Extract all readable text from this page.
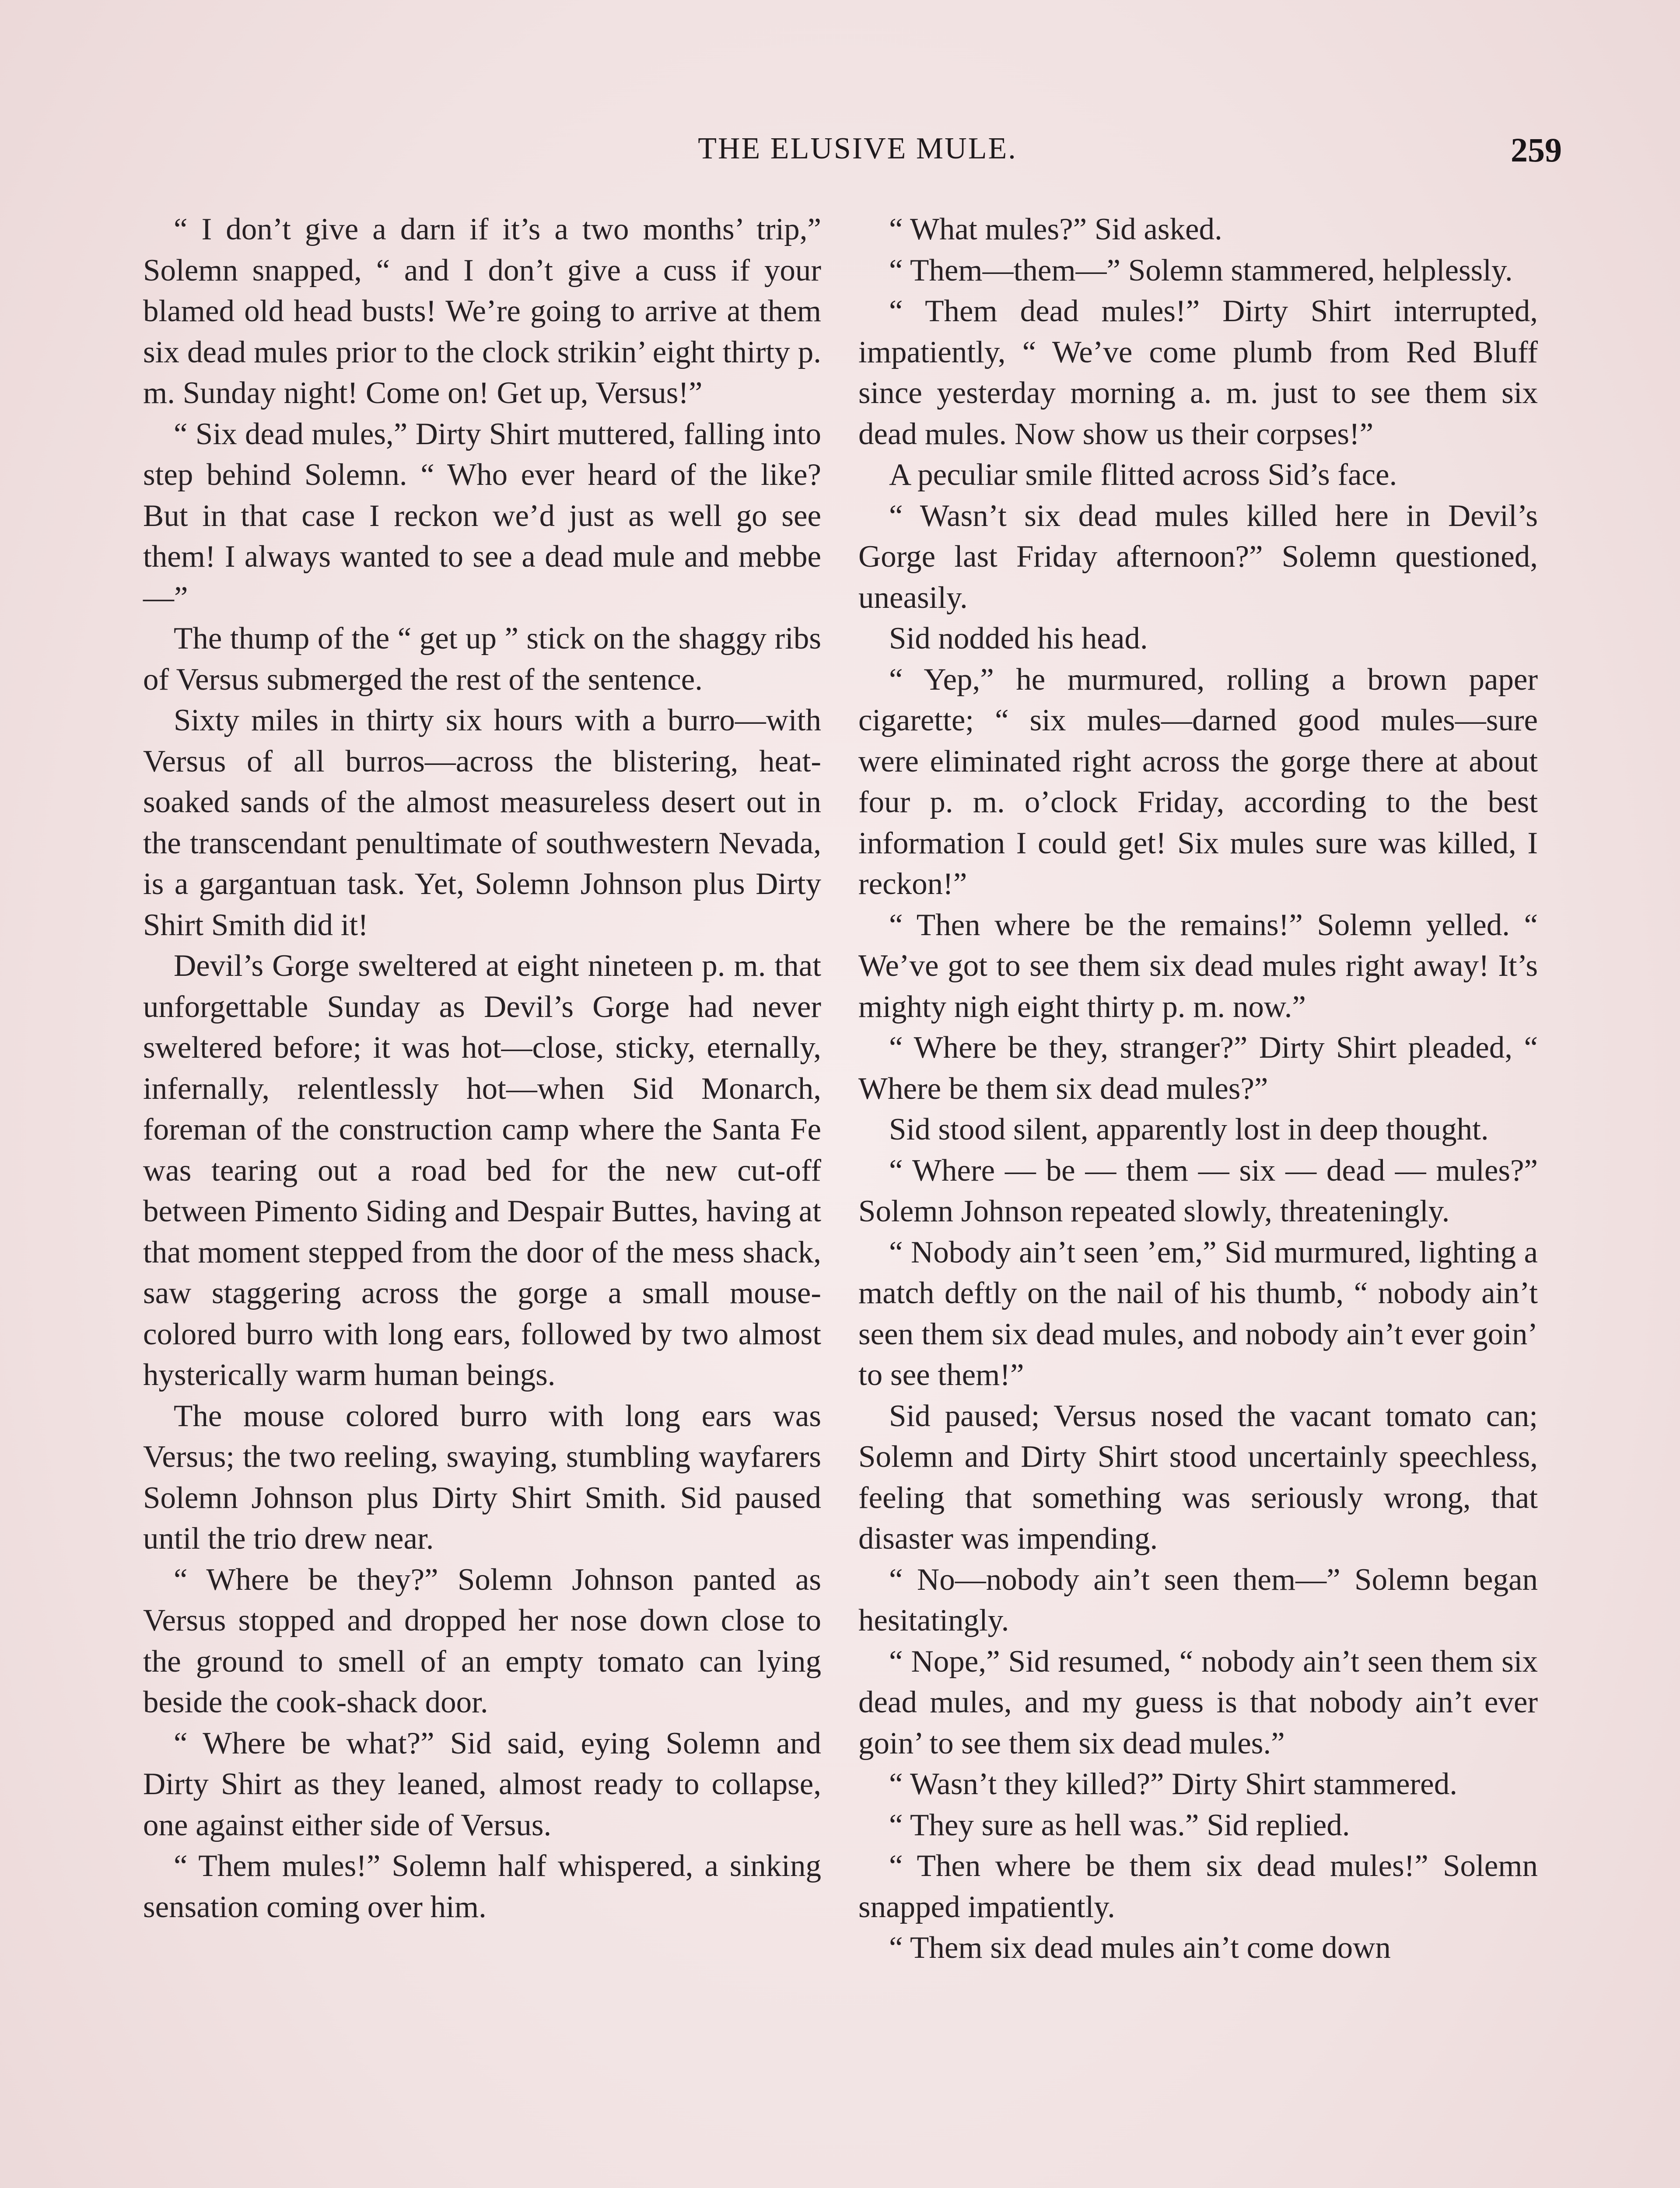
THE ELUSIVE MULE.	259

“ I don’t give a darn if it’s a two months’ trip,” Solemn snapped, “ and I don’t give a cuss if your blamed old head busts! We’re going to arrive at them six dead mules prior to the clock strikin’ eight thirty p. m. Sunday night! Come on! Get up, Versus!”

“ Six dead mules,” Dirty Shirt muttered, falling into step behind Solemn. “ Who ever heard of the like? But in that case I reckon we’d just as well go see them! I always wanted to see a dead mule and mebbe—”

The thump of the “ get up ” stick on the shaggy ribs of Versus submerged the rest of the sentence.

Sixty miles in thirty six hours with a burro—with Versus of all burros—across the blistering, heat-soaked sands of the almost measureless desert out in the transcendant penultimate of southwestern Nevada, is a gargantuan task. Yet, Solemn Johnson plus Dirty Shirt Smith did it!

Devil’s Gorge sweltered at eight nineteen p. m. that unforgettable Sunday as Devil’s Gorge had never sweltered before; it was hot—close, sticky, eternally, infernally, relentlessly hot—when Sid Monarch, foreman of the construction camp where the Santa Fe was tearing out a road bed for the new cut-off between Pimento Siding and Despair Buttes, having at that moment stepped from the door of the mess shack, saw staggering across the gorge a small mouse-colored burro with long ears, followed by two almost hysterically warm human beings.

The mouse colored burro with long ears was Versus; the two reeling, swaying, stumbling wayfarers Solemn Johnson plus Dirty Shirt Smith. Sid paused until the trio drew near.

“ Where be they?” Solemn Johnson panted as Versus stopped and dropped her nose down close to the ground to smell of an empty tomato can lying beside the cook-shack door.

“ Where be what?” Sid said, eying Solemn and Dirty Shirt as they leaned, almost ready to collapse, one against either side of Versus.

“ Them mules!” Solemn half whispered, a sinking sensation coming over him.

“ What mules?” Sid asked.

“ Them—them—” Solemn stammered, helplessly.

“ Them dead mules!” Dirty Shirt interrupted, impatiently, “ We’ve come plumb from Red Bluff since yesterday morning a. m. just to see them six dead mules. Now show us their corpses!”

A peculiar smile flitted across Sid’s face.

“ Wasn’t six dead mules killed here in Devil’s Gorge last Friday afternoon?” Solemn questioned, uneasily.

Sid nodded his head.

“ Yep,” he murmured, rolling a brown paper cigarette; “ six mules—darned good mules—sure were eliminated right across the gorge there at about four p. m. o’clock Friday, according to the best information I could get! Six mules sure was killed, I reckon!”

“ Then where be the remains!” Solemn yelled. “ We’ve got to see them six dead mules right away! It’s mighty nigh eight thirty p. m. now.”

“ Where be they, stranger?” Dirty Shirt pleaded, “ Where be them six dead mules?”

Sid stood silent, apparently lost in deep thought.

“ Where — be — them — six — dead — mules?” Solemn Johnson repeated slowly, threateningly.

“ Nobody ain’t seen ’em,” Sid murmured, lighting a match deftly on the nail of his thumb, “ nobody ain’t seen them six dead mules, and nobody ain’t ever goin’ to see them!”

Sid paused; Versus nosed the vacant tomato can; Solemn and Dirty Shirt stood uncertainly speechless, feeling that something was seriously wrong, that disaster was impending.

“ No—nobody ain’t seen them—” Solemn began hesitatingly.

“ Nope,” Sid resumed, “ nobody ain’t seen them six dead mules, and my guess is that nobody ain’t ever goin’ to see them six dead mules.”

“ Wasn’t they killed?” Dirty Shirt stammered.

“ They sure as hell was.” Sid replied.

“ Then where be them six dead mules!” Solemn snapped impatiently.

“ Them six dead mules ain’t come down
